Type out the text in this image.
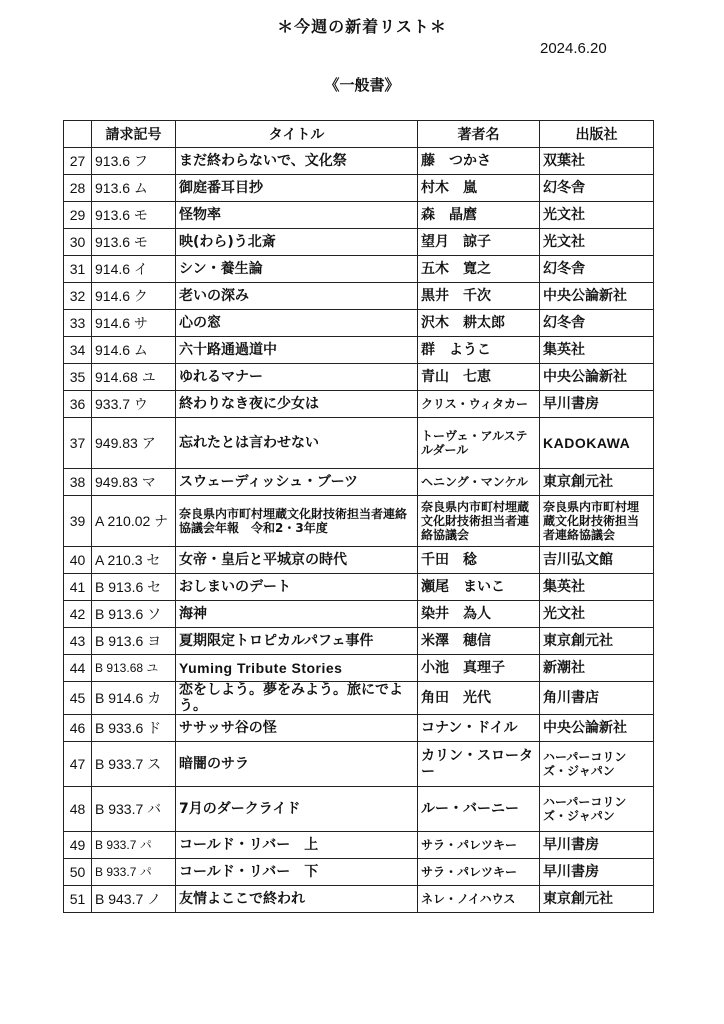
＊今週の新着リスト＊
2024.6.20
《一般書》
	請求記号	タイトル	著者名	出版社
27	913.6 フ	まだ終わらないで、文化祭	藤　つかさ	双葉社
28	913.6 ム	御庭番耳目抄	村木　嵐	幻冬舎
29	913.6 モ	怪物率	森　晶麿	光文社
30	913.6 モ	映(わら)う北斎	望月　諒子	光文社
31	914.6 イ	シン・養生論	五木　寛之	幻冬舎
32	914.6 ク	老いの深み	黒井　千次	中央公論新社
33	914.6 サ	心の窓	沢木　耕太郎	幻冬舎
34	914.6 ム	六十路通過道中	群　ようこ	集英社
35	914.68 ユ	ゆれるマナー	青山　七恵	中央公論新社
36	933.7 ウ	終わりなき夜に少女は	クリス・ウィタカー	早川書房
37	949.83 ア	忘れたとは言わせない	トーヴェ・アルステルダール	KADOKAWA
38	949.83 マ	スウェーディッシュ・ブーツ	ヘニング・マンケル	東京創元社
39	A 210.02 ナ	奈良県内市町村埋蔵文化財技術担当者連絡協議会年報　令和2・3年度	奈良県内市町村埋蔵文化財技術担当者連絡協議会	奈良県内市町村埋蔵文化財技術担当者連絡協議会
40	A 210.3 セ	女帝・皇后と平城京の時代	千田　稔	吉川弘文館
41	B 913.6 セ	おしまいのデート	瀬尾　まいこ	集英社
42	B 913.6 ソ	海神	染井　為人	光文社
43	B 913.6 ヨ	夏期限定トロピカルパフェ事件	米澤　穂信	東京創元社
44	B 913.68 ユ	Yuming Tribute Stories	小池　真理子	新潮社
45	B 914.6 カ	恋をしよう。夢をみよう。旅にでよう。	角田　光代	角川書店
46	B 933.6 ド	ササッサ谷の怪	コナン・ドイル	中央公論新社
47	B 933.7 ス	暗闇のサラ	カリン・スローター	ハーパーコリンズ・ジャパン
48	B 933.7 バ	7月のダークライド	ルー・バーニー	ハーパーコリンズ・ジャパン
49	B 933.7 パ	コールド・リバー　上	サラ・パレツキー	早川書房
50	B 933.7 パ	コールド・リバー　下	サラ・パレツキー	早川書房
51	B 943.7 ノ	友情よここで終われ	ネレ・ノイハウス	東京創元社
